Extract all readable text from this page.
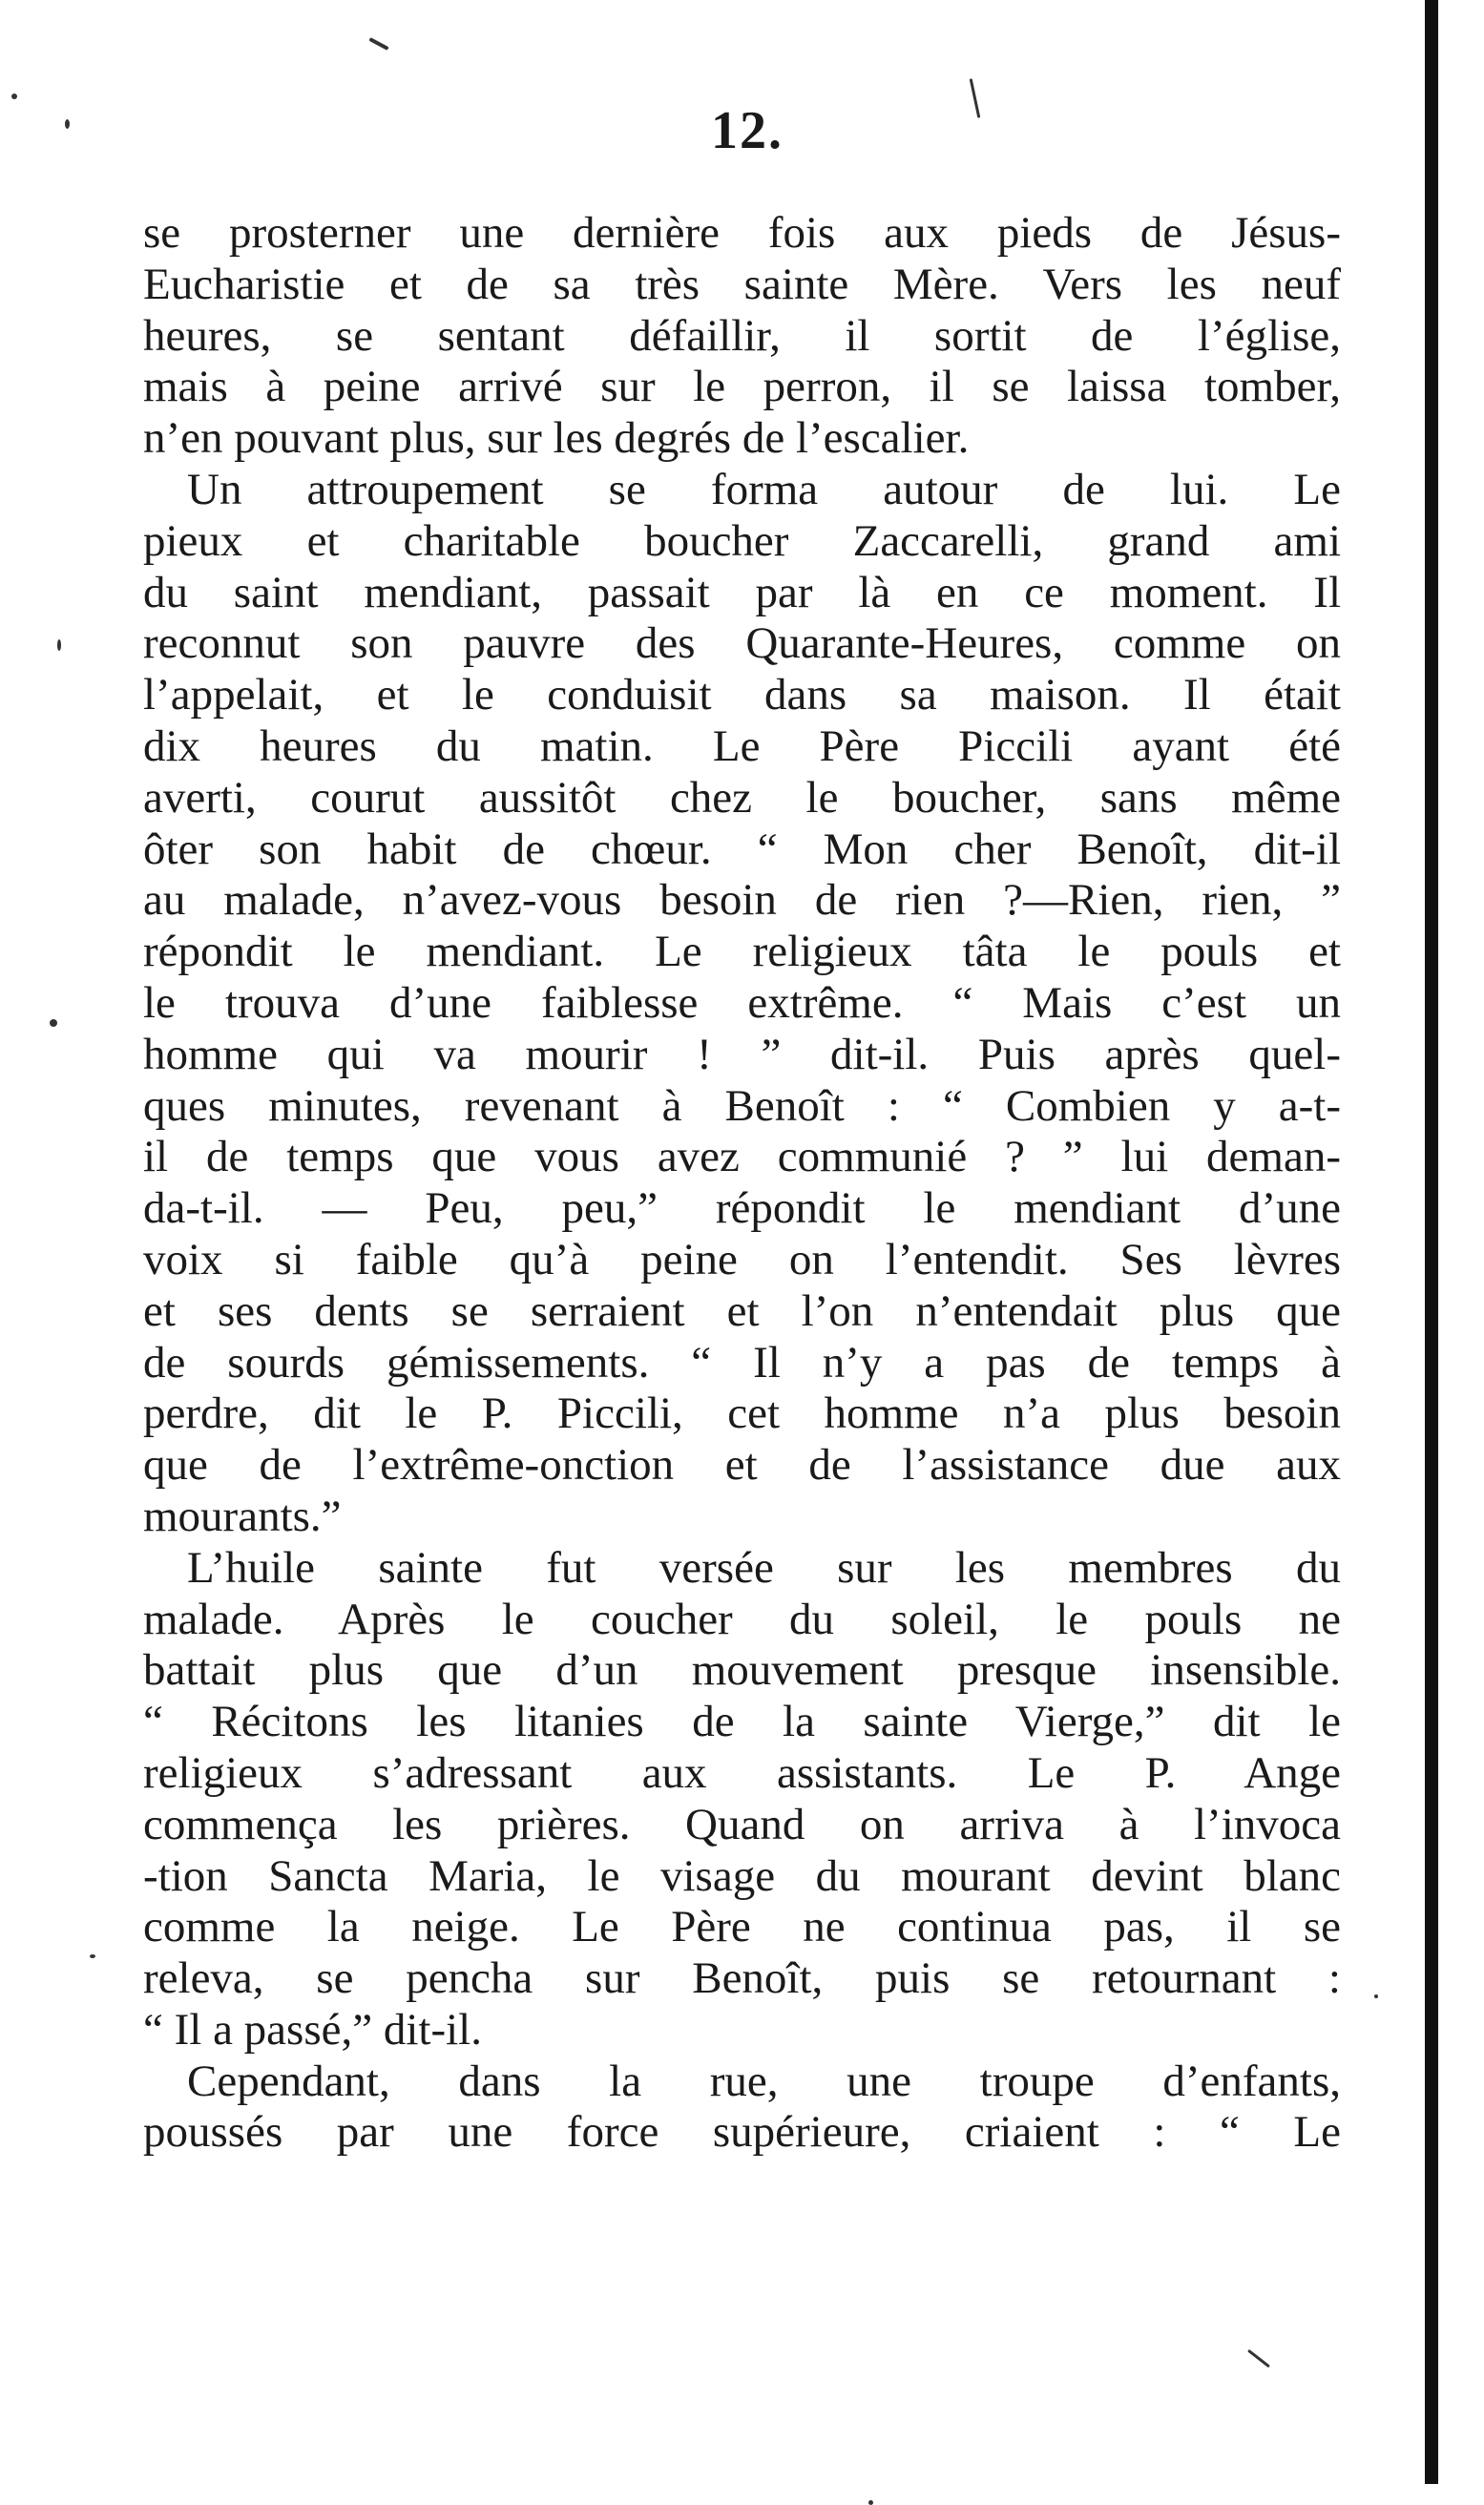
12.
se prosterner une dernière fois aux pieds de Jésus-
Eucharistie et de sa très sainte Mère. Vers les neuf
heures, se sentant défaillir, il sortit de l’église,
mais à peine arrivé sur le perron, il se laissa tomber,
n’en pouvant plus, sur les degrés de l’escalier.
Un attroupement se forma autour de lui. Le
pieux et charitable boucher Zaccarelli, grand ami
du saint mendiant, passait par là en ce moment. Il
reconnut son pauvre des Quarante-Heures, comme on
l’appelait, et le conduisit dans sa maison. Il était
dix heures du matin. Le Père Piccili ayant été
averti, courut aussitôt chez le boucher, sans même
ôter son habit de chœur. “ Mon cher Benoît, dit-il
au malade, n’avez-vous besoin de rien ?—Rien, rien, ”
répondit le mendiant. Le religieux tâta le pouls et
le trouva d’une faiblesse extrême. “ Mais c’est un
homme qui va mourir ! ” dit-il. Puis après quel-
ques minutes, revenant à Benoît : “ Combien y a-t-
il de temps que vous avez communié ? ” lui deman-
da-t-il. — Peu, peu,” répondit le mendiant d’une
voix si faible qu’à peine on l’entendit. Ses lèvres
et ses dents se serraient et l’on n’entendait plus que
de sourds gémissements. “ Il n’y a pas de temps à
perdre, dit le P. Piccili, cet homme n’a plus besoin
que de l’extrême-onction et de l’assistance due aux
mourants.”
L’huile sainte fut versée sur les membres du
malade. Après le coucher du soleil, le pouls ne
battait plus que d’un mouvement presque insensible.
“ Récitons les litanies de la sainte Vierge,” dit le
religieux s’adressant aux assistants. Le P. Ange
commença les prières. Quand on arriva à l’invoca
-tion Sancta Maria, le visage du mourant devint blanc
comme la neige. Le Père ne continua pas, il se
releva, se pencha sur Benoît, puis se retournant :
“ Il a passé,” dit-il.
Cependant, dans la rue, une troupe d’enfants,
poussés par une force supérieure, criaient : “ Le
